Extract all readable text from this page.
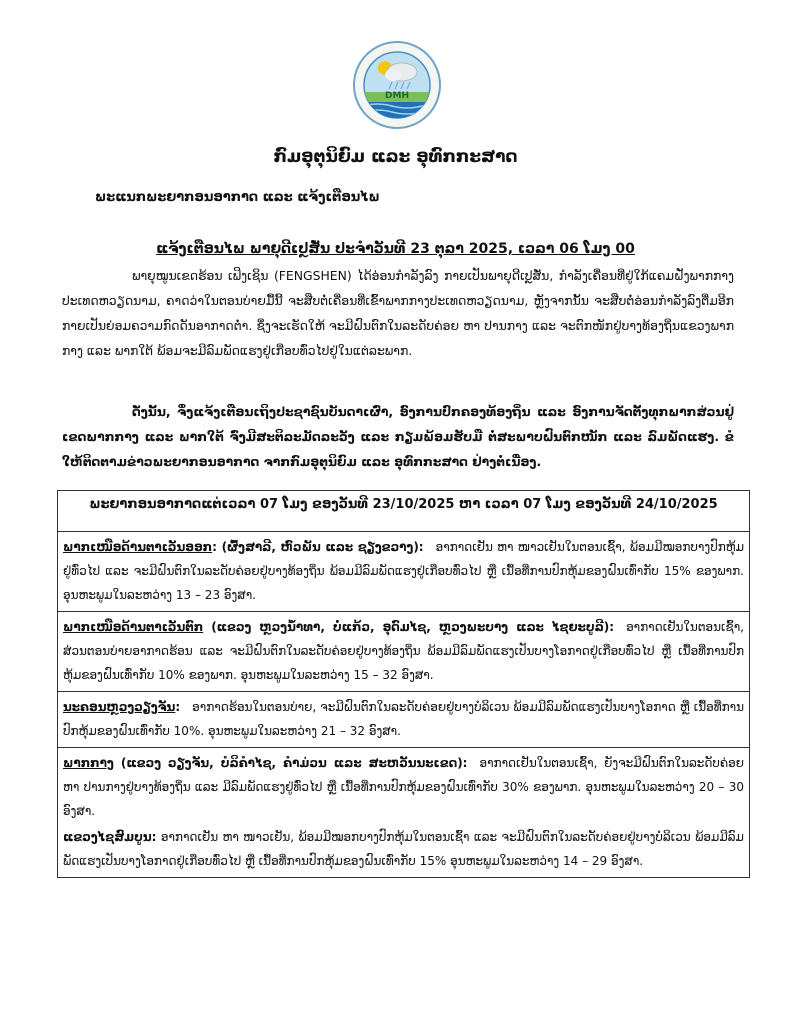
DMH
ກົມອຸຕຸນິຍົມ ແລະ ອຸທົກກະສາດ
ພະແນກພະຍາກອນອາກາດ ແລະ ແຈ້ງເຕືອນໄພ
ແຈ້ງເຕືອນໄພ ພາຍຸດີເປຼສັ່ນ ປະຈຳວັນທີ 23 ຕຸລາ 2025, ເວລາ 06 ໂມງ 00
ພາຍຸໝູນເຂດຮ້ອນ ເຟິງເຊິນ (FENGSHEN) ໄດ້ອ່ອນກຳລັງລົງ ກາຍເປັນພາຍຸດີເປຼສັ່ນ, ກຳລັງເຄື່ອນທີ່ຢູ່ໃກ້ແຄມຝັ່ງພາກກາງປະເທດຫວຽດນາມ, ຄາດວ່າໃນຕອນບ່າຍມື້ນີ້ ຈະສືບຕໍ່ເຄື່ອນທີ່ເຂົ້າພາກກາງປະເທດຫວຽດນາມ, ຫຼັງຈາກນັ້ນ ຈະສືບຕໍ່ອ່ອນກຳລັງລົງຕື່ມອີກ ກາຍເປັນຍ່ອມຄວາມກົດດັນອາກາດຕ່ຳ. ຊຶ່ງຈະເຮັດໃຫ້ ຈະມີຝົນຕົກໃນລະດັບຄ່ອຍ ຫາ ປານກາງ ແລະ ຈະຕົກໜັກຢູ່ບາງທ້ອງຖິ່ນແຂວງພາກກາງ ແລະ ພາກໃຕ້ ພ້ອມຈະມີລົມພັດແຮງຢູ່ເກືອບທົ່ວໄປຢູ່ໃນແຕ່ລະພາກ.
ດັ່ງນັ້ນ, ຈຶ່ງແຈ້ງເຕືອນເຖິງປະຊາຊົນບັນດາເຜົ່າ, ອົງການປົກຄອງທ້ອງຖິ່ນ ແລະ ອົງການຈັດຕັ້ງທຸກພາກສ່ວນຢູ່ເຂດພາກກາງ ແລະ ພາກໃຕ້ ຈົ່ງມີສະຕິລະມັດລະວັງ ແລະ ກຽມພ້ອມຮັບມື ຕໍ່ສະພາບຝົນຕົກໜັກ ແລະ ລົມພັດແຮງ. ຂໍໃຫ້ຕິດຕາມຂ່າວພະຍາກອນອາກາດ ຈາກກົມອຸຕຸນິຍົມ ແລະ ອຸທົກກະສາດ ຢ່າງຕໍ່ເນື່ອງ.
ພະຍາກອນອາກາດແຕ່ເວລາ 07 ໂມງ ຂອງວັນທີ 23/10/2025 ຫາ ເວລາ 07 ໂມງ ຂອງວັນທີ 24/10/2025
ພາກເໜືອດ້ານຕາເວັນອອກ: (ຜົ້ງສາລີ, ຫົວພັນ ແລະ ຊຽງຂວາງ): ອາກາດເຢັນ ຫາ ໜາວເຢັນໃນຕອນເຊົ້າ, ພ້ອມມີໝອກບາງປົກຫຸ້ມຢູ່ທົ່ວໄປ ແລະ ຈະມີຝົນຕົກໃນລະດັບຄ່ອຍຢູ່ບາງທ້ອງຖິ່ນ ພ້ອມມີລົມພັດແຮງຢູ່ເກືອບທົ່ວໄປ ຫຼື ເນື້ອທີ່ການປົກຫຸ້ມຂອງຝົນເທົ່າກັບ 15% ຂອງພາກ. ອຸນຫະພູມໃນລະຫວ່າງ 13 – 23 ອົງສາ.
ພາກເໜືອດ້ານຕາເວັນຕົກ (ແຂວງ ຫຼວງນ້ຳທາ, ບໍ່ແກ້ວ, ອຸດົມໄຊ, ຫຼວງພະບາງ ແລະ ໄຊຍະບູລີ): ອາກາດເຢັນໃນຕອນເຊົ້າ, ສ່ວນຕອນບ່າຍອາກາດຮ້ອນ ແລະ ຈະມີຝົນຕົກໃນລະດັບຄ່ອຍຢູ່ບາງທ້ອງຖິ່ນ ພ້ອມມີລົມພັດແຮງເປັນບາງໂອກາດຢູ່ເກືອບທົ່ວໄປ ຫຼື ເນື້ອທີ່ການປົກຫຸ້ມຂອງຝົນເທົ່າກັບ 10% ຂອງພາກ. ອຸນຫະພູມໃນລະຫວ່າງ 15 – 32 ອົງສາ.
ນະຄອນຫຼວງວຽງຈັນ: ອາກາດຮ້ອນໃນຕອນບ່າຍ, ຈະມີຝົນຕົກໃນລະດັບຄ່ອຍຢູ່ບາງບໍລິເວນ ພ້ອມມີລົມພັດແຮງເປັນບາງໂອກາດ ຫຼື ເນື້ອທີ່ການປົກຫຸ້ມຂອງຝົນເທົ່າກັບ 10%. ອຸນຫະພູມໃນລະຫວ່າງ 21 – 32 ອົງສາ.

ພາກກາງ (ແຂວງ ວຽງຈັນ, ບໍລິຄຳໄຊ, ຄຳມ່ວນ ແລະ ສະຫວັນນະເຂດ): ອາກາດເຢັນໃນຕອນເຊົ້າ, ຍັງຈະມີຝົນຕົກໃນລະດັບຄ່ອຍ ຫາ ປານກາງຢູ່ບາງທ້ອງຖິ່ນ ແລະ ມີລົມພັດແຮງຢູ່ທົ່ວໄປ ຫຼື ເນື້ອທີ່ການປົກຫຸ້ມຂອງຝົນເທົ່າກັບ 30% ຂອງພາກ. ອຸນຫະພູມໃນລະຫວ່າງ 20 – 30 ອົງສາ.
ແຂວງໄຊສົມບູນ: ອາກາດເຢັນ ຫາ ໜາວເຢັນ, ພ້ອມມີໝອກບາງປົກຫຸ້ມໃນຕອນເຊົ້າ ແລະ ຈະມີຝົນຕົກໃນລະດັບຄ່ອຍຢູ່ບາງບໍລິເວນ ພ້ອມມີລົມພັດແຮງເປັນບາງໂອກາດຢູ່ເກືອບທົ່ວໄປ ຫຼື ເນື້ອທີ່ການປົກຫຸ້ມຂອງຝົນເທົ່າກັບ 15% ອຸນຫະພູມໃນລະຫວ່າງ 14 – 29 ອົງສາ.
